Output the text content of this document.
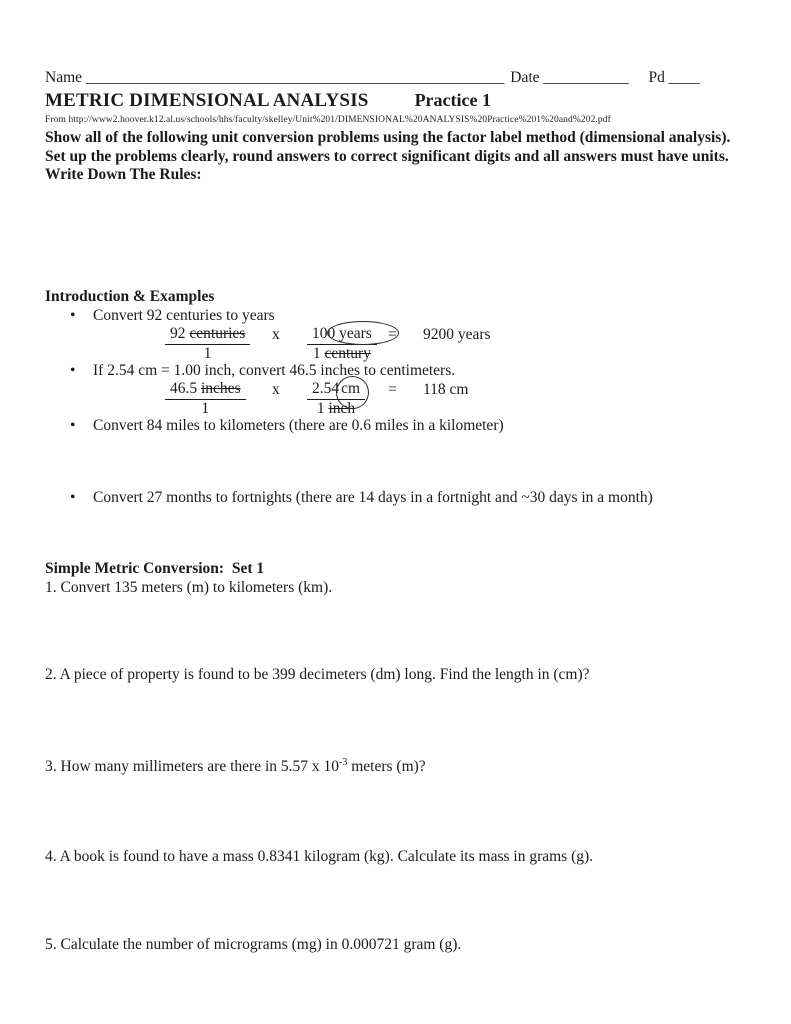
Name ______________________________________________________ Date ___________ Pd ____
METRIC DIMENSIONAL ANALYSIS	Practice 1
From http://www2.hoover.k12.al.us/schools/hhs/faculty/skelley/Unit%201/DIMENSIONAL%20ANALYSIS%20Practice%201%20and%202.pdf
Show all of the following unit conversion problems using the factor label method (dimensional analysis).
Set up the problems clearly, round answers to correct significant digits and all answers must have units.
Write Down The Rules:
Introduction & Examples
•	Convert 92 centuries to years
92 centuries
1
x	100 years
1 century
= 9200 years
•	If 2.54 cm = 1.00 inch, convert 46.5 inches to centimeters.
46.5 inches
1
x	2.54 cm
1 inch
= 118 cm
•	Convert 84 miles to kilometers (there are 0.6 miles in a kilometer)
•	Convert 27 months to fortnights (there are 14 days in a fortnight and ~30 days in a month)
Simple Metric Conversion:  Set 1
1. Convert 135 meters (m) to kilometers (km).
2. A piece of property is found to be 399 decimeters (dm) long. Find the length in (cm)?
3. How many millimeters are there in 5.57 x $10^{-3}$ meters (m)?
4. A book is found to have a mass 0.8341 kilogram (kg). Calculate its mass in grams (g).
5. Calculate the number of micrograms (mg) in 0.000721 gram (g).
